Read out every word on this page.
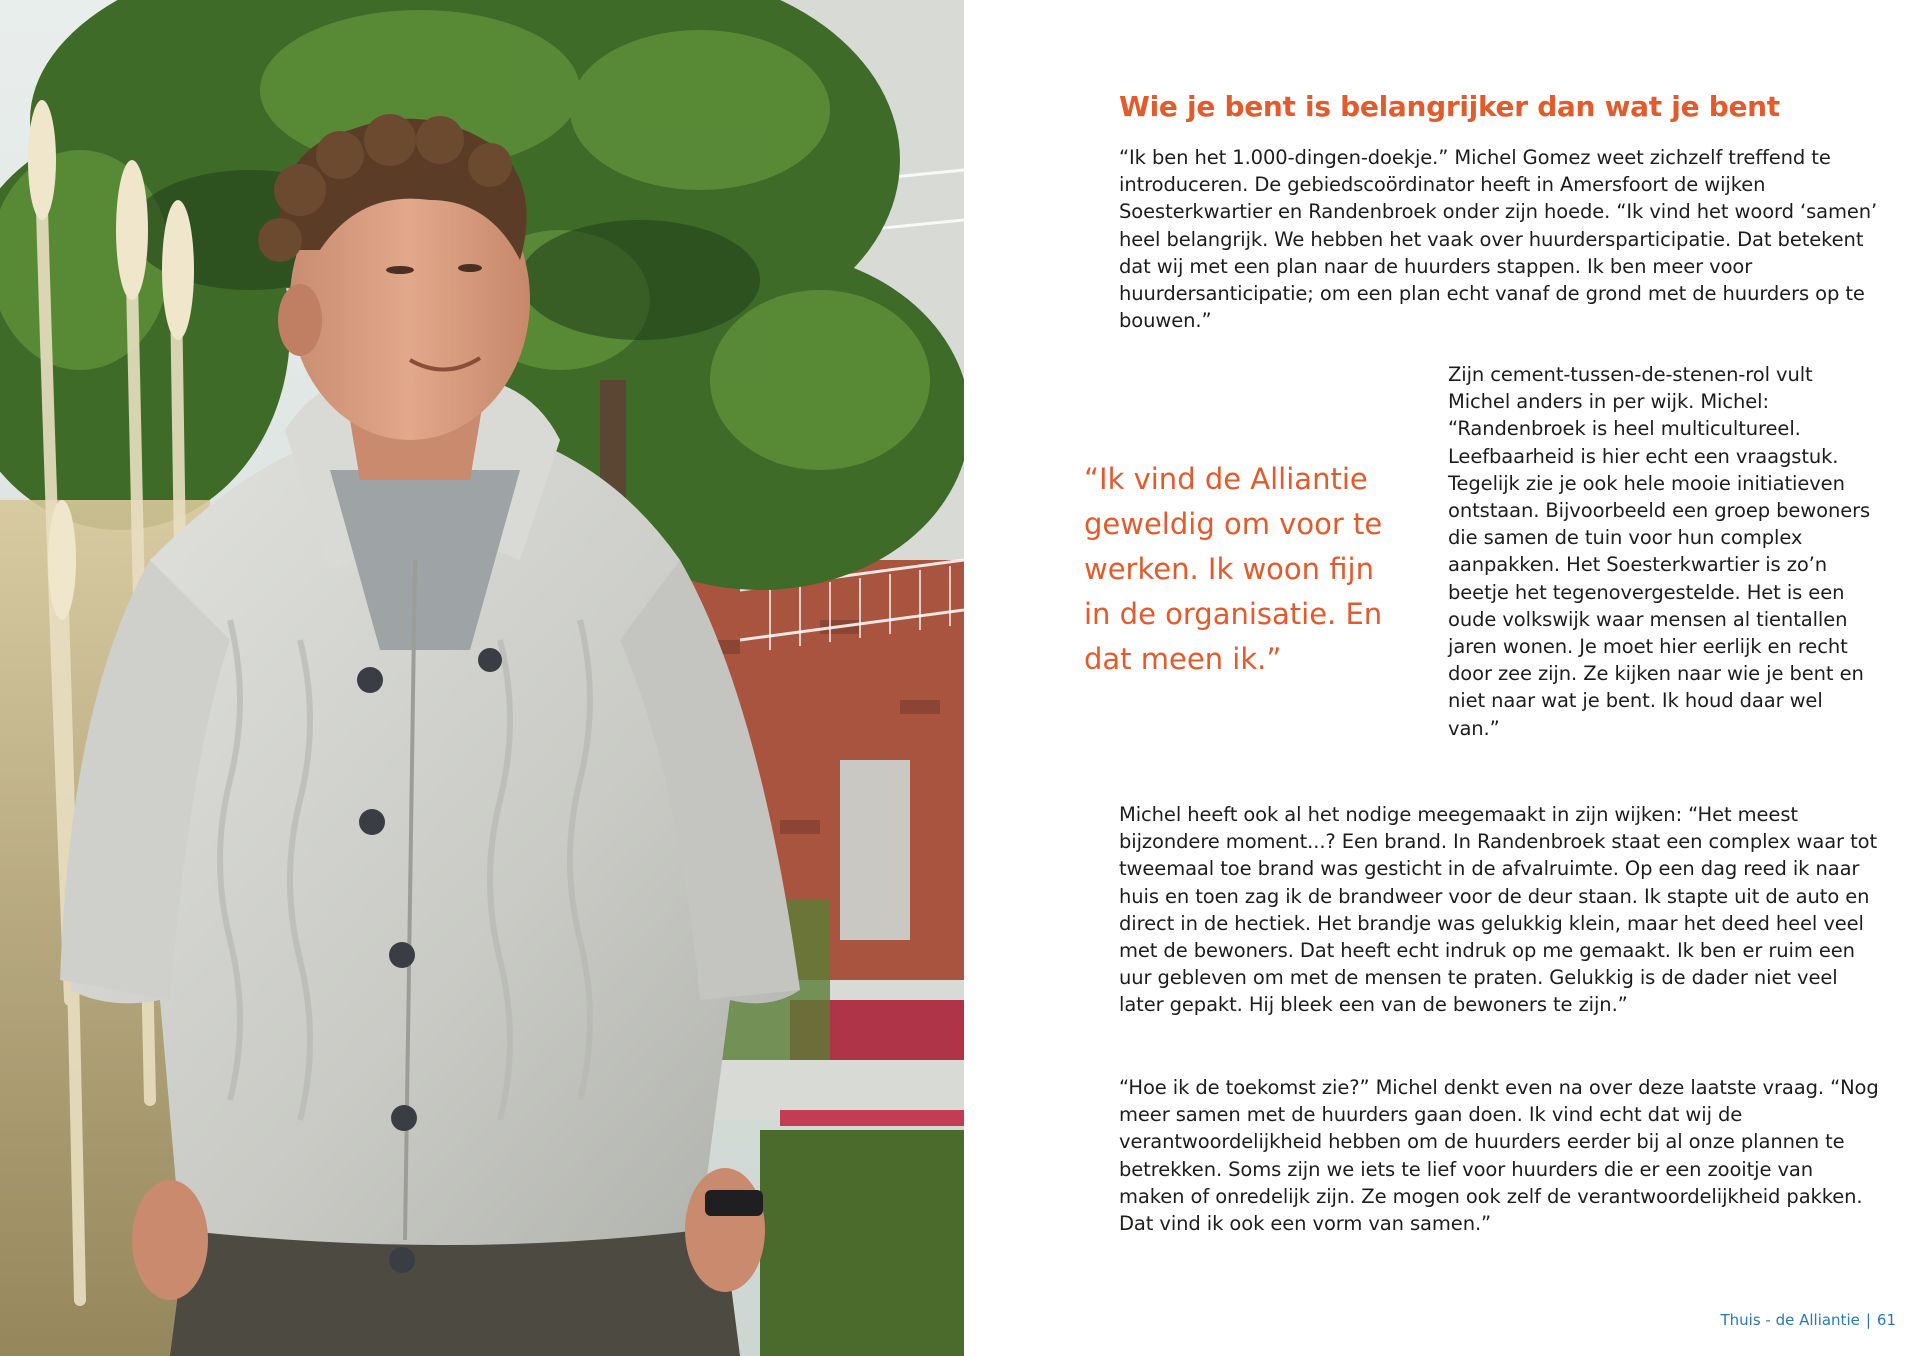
Wie je bent is belangrijker dan wat je bent

“Ik ben het 1.000-dingen-doekje.” Michel Gomez weet zichzelf treffend te introduceren. De gebiedscoördinator heeft in Amersfoort de wijken Soesterkwartier en Randenbroek onder zijn hoede. “Ik vind het woord ‘samen’ heel belangrijk. We hebben het vaak over huurdersparticipatie. Dat betekent dat wij met een plan naar de huurders stappen. Ik ben meer voor huurdersanticipatie; om een plan echt vanaf de grond met de huurders op te bouwen.”

“Ik vind de Alliantie geweldig om voor te werken. Ik woon fijn in de organisatie. En dat meen ik.”

Zijn cement-tussen-de-stenen-rol vult Michel anders in per wijk. Michel: “Randenbroek is heel multicultureel. Leefbaarheid is hier echt een vraagstuk. Tegelijk zie je ook hele mooie initiatieven ontstaan. Bijvoorbeeld een groep bewoners die samen de tuin voor hun complex aanpakken. Het Soesterkwartier is zo’n beetje het tegenovergestelde. Het is een oude volkswijk waar mensen al tientallen jaren wonen. Je moet hier eerlijk en recht door zee zijn. Ze kijken naar wie je bent en niet naar wat je bent. Ik houd daar wel van.”

Michel heeft ook al het nodige meegemaakt in zijn wijken: “Het meest bijzondere moment...? Een brand. In Randenbroek staat een complex waar tot tweemaal toe brand was gesticht in de afvalruimte. Op een dag reed ik naar huis en toen zag ik de brandweer voor de deur staan. Ik stapte uit de auto en direct in de hectiek. Het brandje was gelukkig klein, maar het deed heel veel met de bewoners. Dat heeft echt indruk op me gemaakt. Ik ben er ruim een uur gebleven om met de mensen te praten. Gelukkig is de dader niet veel later gepakt. Hij bleek een van de bewoners te zijn.”

“Hoe ik de toekomst zie?” Michel denkt even na over deze laatste vraag. “Nog meer samen met de huurders gaan doen. Ik vind echt dat wij de verantwoordelijkheid hebben om de huurders eerder bij al onze plannen te betrekken. Soms zijn we iets te lief voor huurders die er een zooitje van maken of onredelijk zijn. Ze mogen ook zelf de verantwoordelijkheid pakken. Dat vind ik ook een vorm van samen.”

Thuis - de Alliantie | 61
